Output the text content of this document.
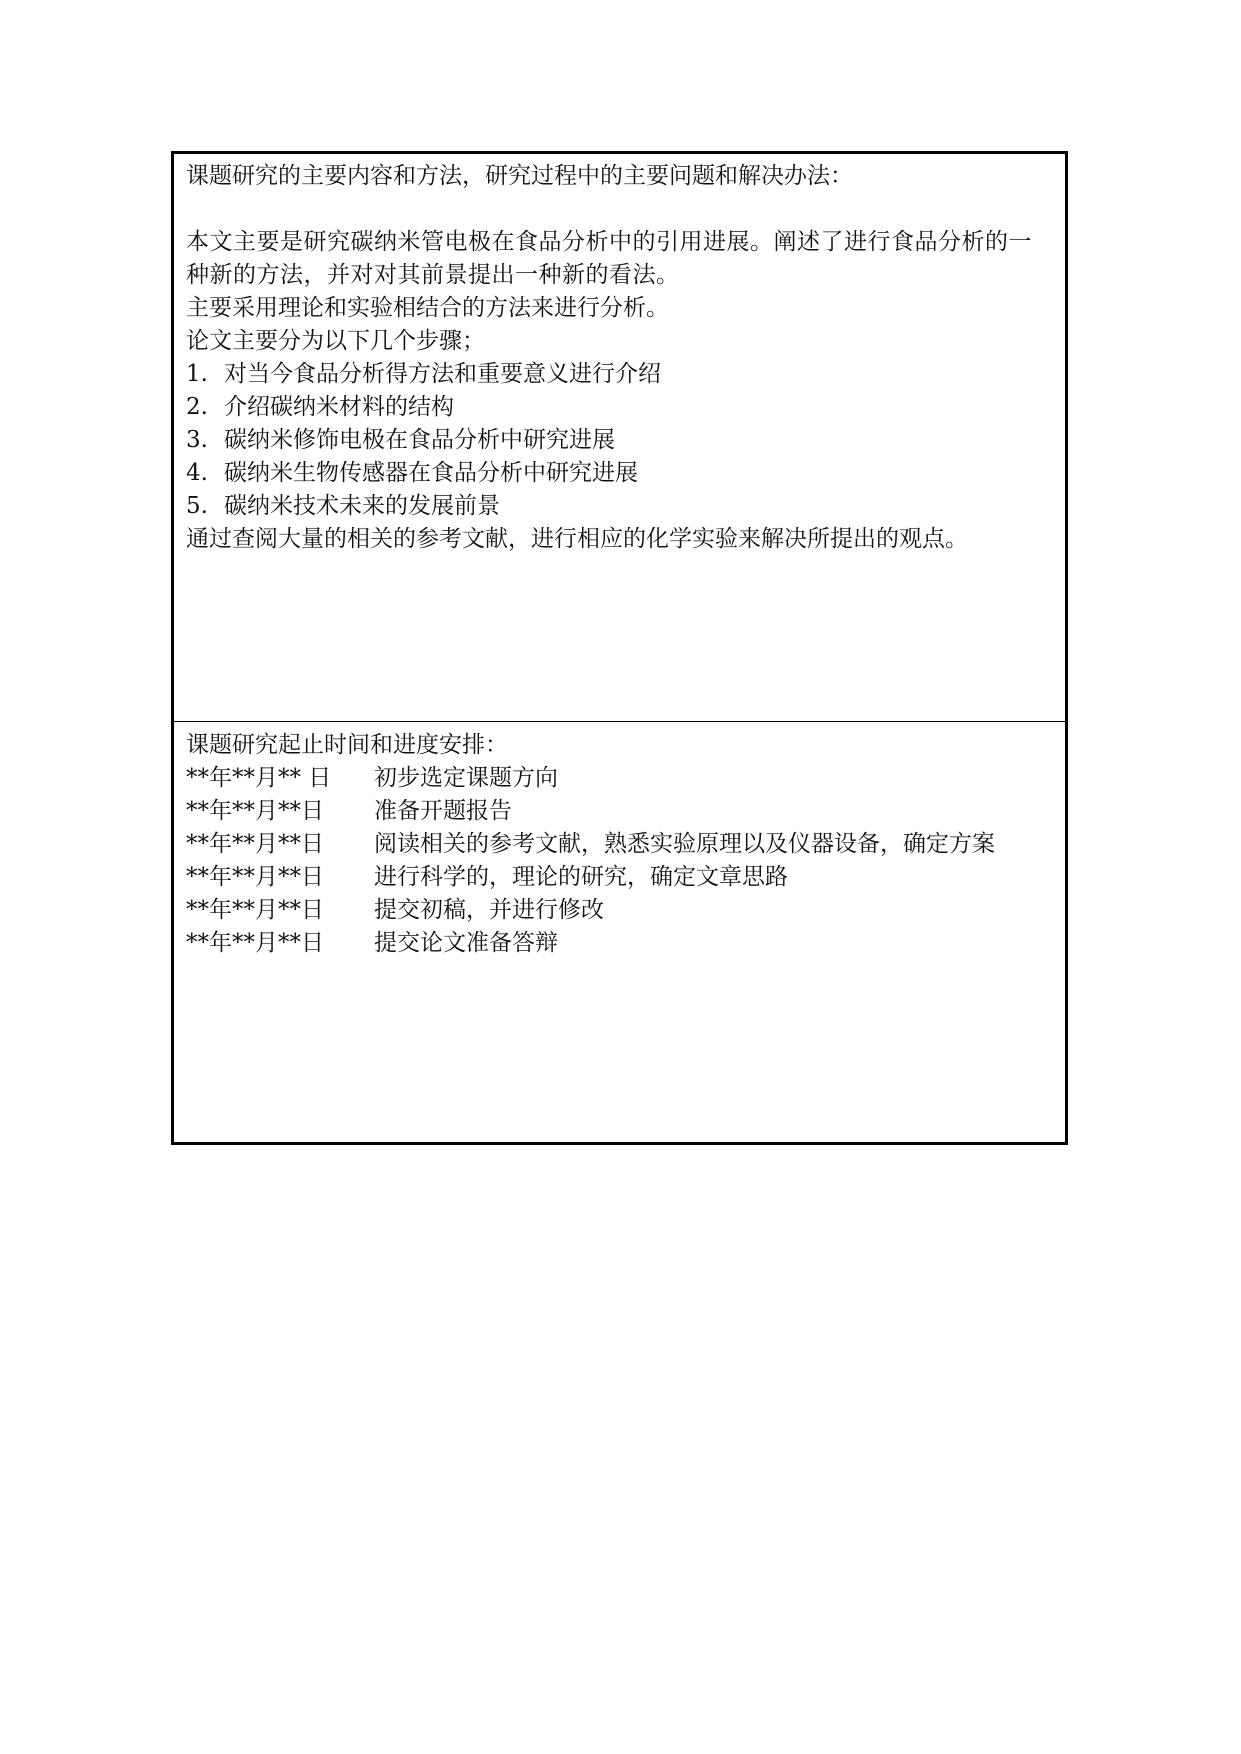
课题研究的主要内容和方法，研究过程中的主要问题和解决办法：
本文主要是研究碳纳米管电极在食品分析中的引用进展。阐述了进行食品分析的一种新的方法，并对对其前景提出一种新的看法。
主要采用理论和实验相结合的方法来进行分析。
论文主要分为以下几个步骤；
1. 对当今食品分析得方法和重要意义进行介绍
2. 介绍碳纳米材料的结构
3. 碳纳米修饰电极在食品分析中研究进展
4. 碳纳米生物传感器在食品分析中研究进展
5. 碳纳米技术未来的发展前景
通过查阅大量的相关的参考文献，进行相应的化学实验来解决所提出的观点。
课题研究起止时间和进度安排：
**年**月** 日	初步选定课题方向
**年**月**日	准备开题报告
**年**月**日	阅读相关的参考文献，熟悉实验原理以及仪器设备，确定方案
**年**月**日	进行科学的，理论的研究，确定文章思路
**年**月**日	提交初稿，并进行修改
**年**月**日	提交论文准备答辩
